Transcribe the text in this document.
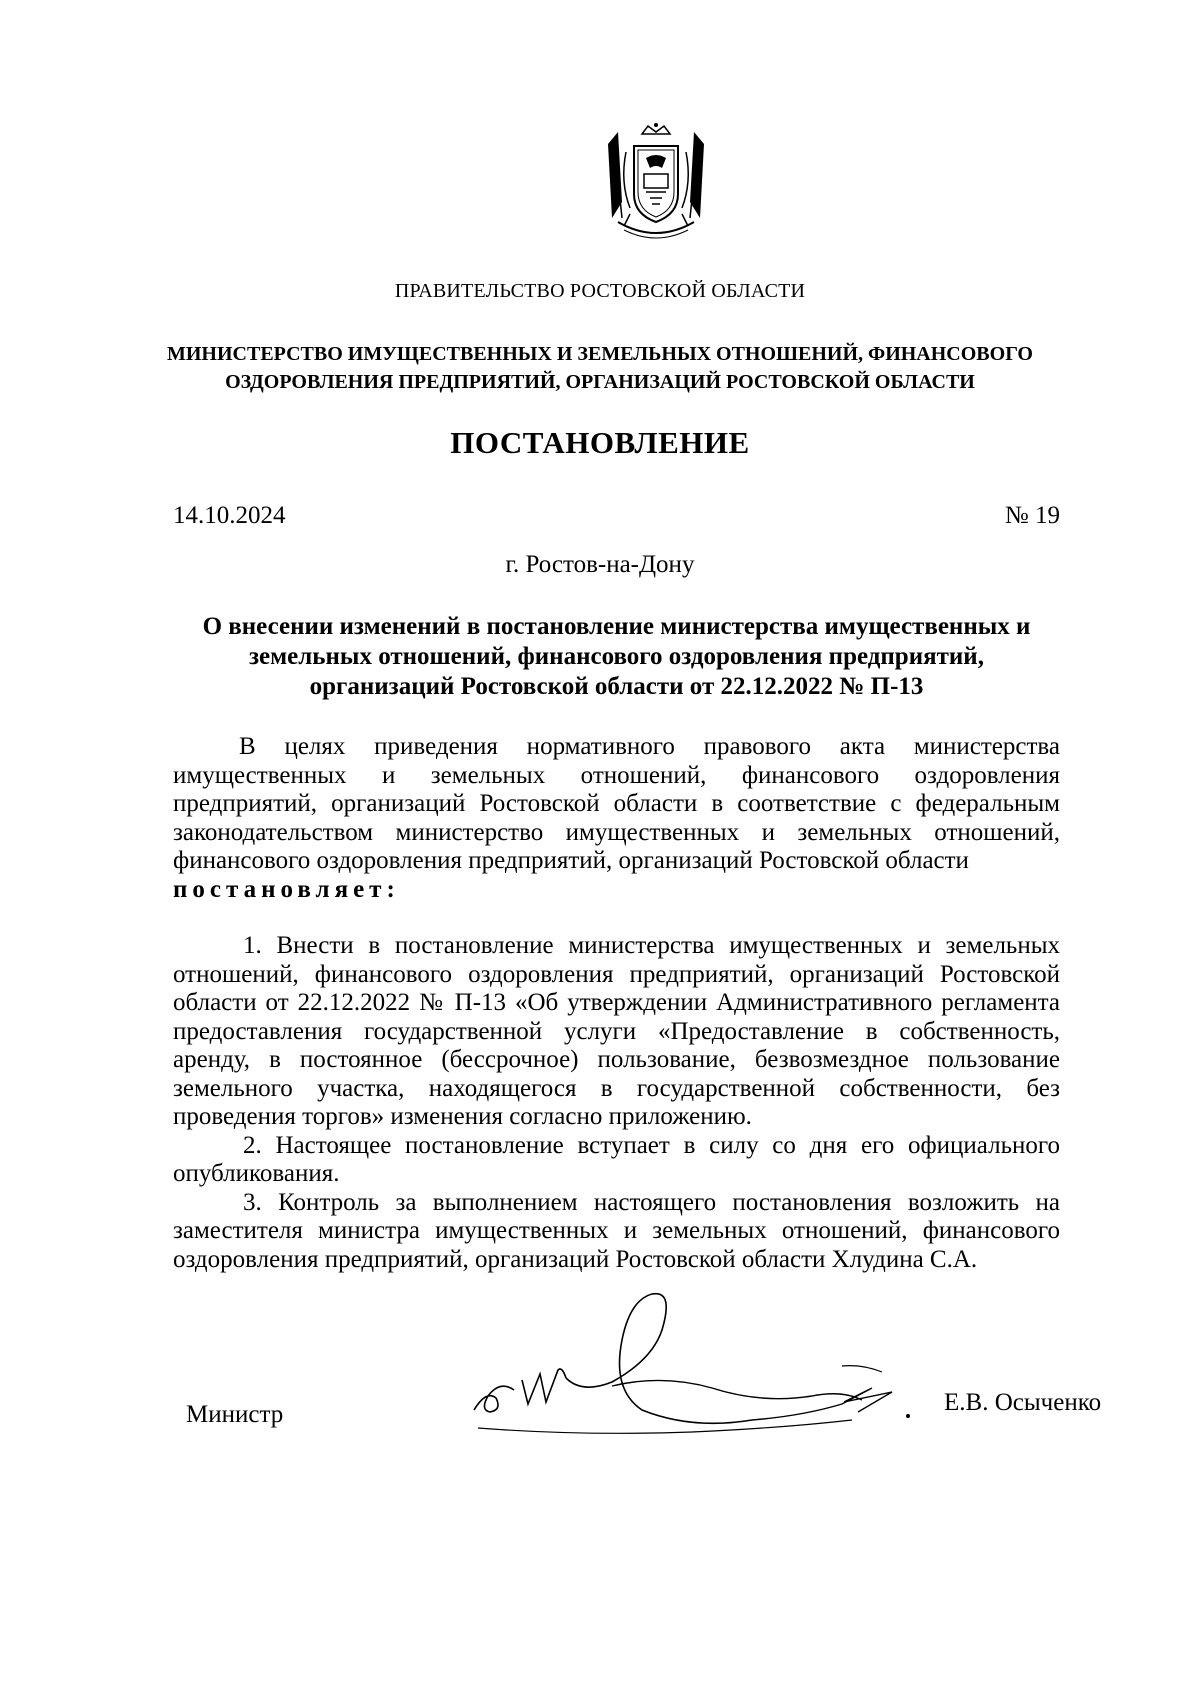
ПРАВИТЕЛЬСТВО РОСТОВСКОЙ ОБЛАСТИ
МИНИСТЕРСТВО ИМУЩЕСТВЕННЫХ И ЗЕМЕЛЬНЫХ ОТНОШЕНИЙ, ФИНАНСОВОГО
ОЗДОРОВЛЕНИЯ ПРЕДПРИЯТИЙ, ОРГАНИЗАЦИЙ РОСТОВСКОЙ ОБЛАСТИ
ПОСТАНОВЛЕНИЕ
14.10.2024	№ 19
г. Ростов-на-Дону
О внесении изменений в постановление министерства имущественных и
земельных отношений, финансового оздоровления предприятий,
организаций Ростовской области от 22.12.2022 № П-13

В целях приведения нормативного правового акта министерства имущественных и земельных отношений, финансового оздоровления предприятий, организаций Ростовской области в соответствие с федеральным законодательством министерство имущественных и земельных отношений, финансового оздоровления предприятий, организаций Ростовской области
постановляет:

1. Внести в постановление министерства имущественных и земельных отношений, финансового оздоровления предприятий, организаций Ростовской области от 22.12.2022 № П-13 «Об утверждении Административного регламента предоставления государственной услуги «Предоставление в собственность, аренду, в постоянное (бессрочное) пользование, безвозмездное пользование земельного участка, находящегося в государственной собственности, без проведения торгов» изменения согласно приложению.

2. Настоящее постановление вступает в силу со дня его официального опубликования.

3. Контроль за выполнением настоящего постановления возложить на заместителя министра имущественных и земельных отношений, финансового оздоровления предприятий, организаций Ростовской области Хлудина С.А.

Министр	Е.В. Осыченко
